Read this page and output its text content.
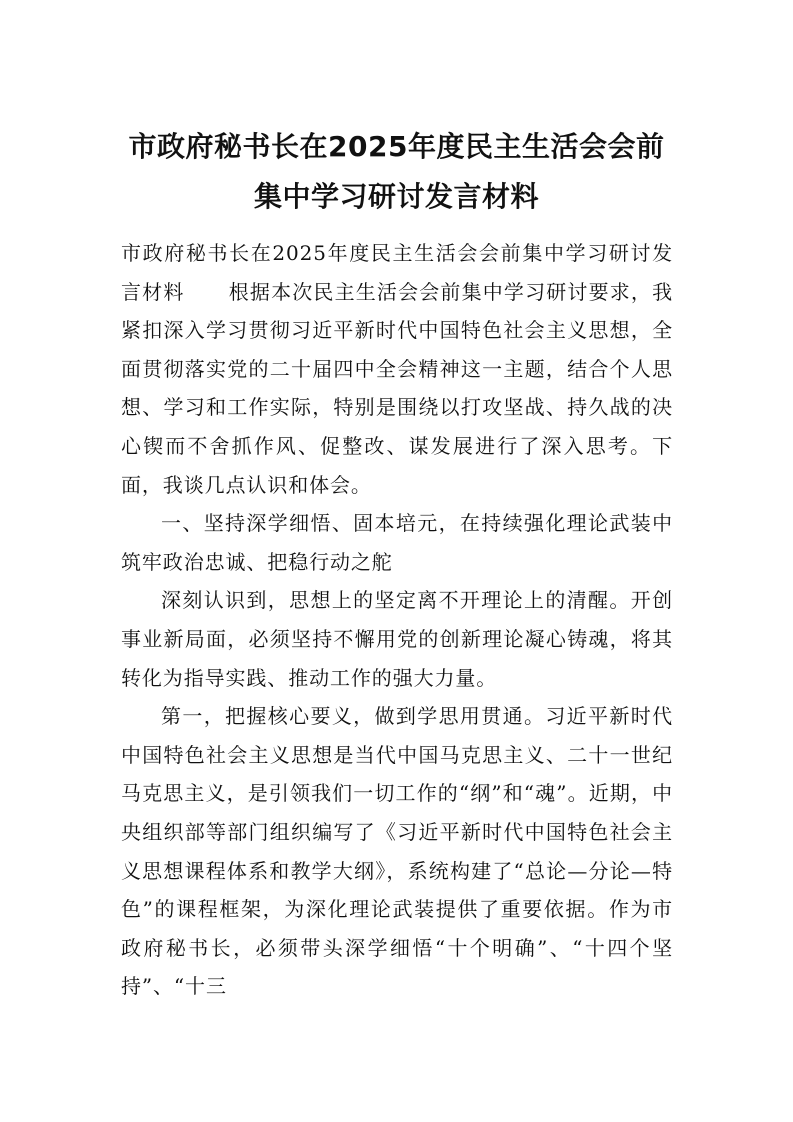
市政府秘书长在2025年度民主生活会会前
集中学习研讨发言材料

市政府秘书长在2025年度民主生活会会前集中学习研讨发言材料 根据本次民主生活会会前集中学习研讨要求，我紧扣深入学习贯彻习近平新时代中国特色社会主义思想，全面贯彻落实党的二十届四中全会精神这一主题，结合个人思想、学习和工作实际，特别是围绕以打攻坚战、持久战的决心锲而不舍抓作风、促整改、谋发展进行了深入思考。下面，我谈几点认识和体会。

一、坚持深学细悟、固本培元，在持续强化理论武装中筑牢政治忠诚、把稳行动之舵

深刻认识到，思想上的坚定离不开理论上的清醒。开创事业新局面，必须坚持不懈用党的创新理论凝心铸魂，将其转化为指导实践、推动工作的强大力量。

第一，把握核心要义，做到学思用贯通。习近平新时代中国特色社会主义思想是当代中国马克思主义、二十一世纪马克思主义，是引领我们一切工作的“纲”和“魂”。近期，中央组织部等部门组织编写了《习近平新时代中国特色社会主义思想课程体系和教学大纲》，系统构建了“总论—分论—特色”的课程框架，为深化理论武装提供了重要依据。作为市政府秘书长，必须带头深学细悟“十个明确”、“十四个坚持”、“十三
